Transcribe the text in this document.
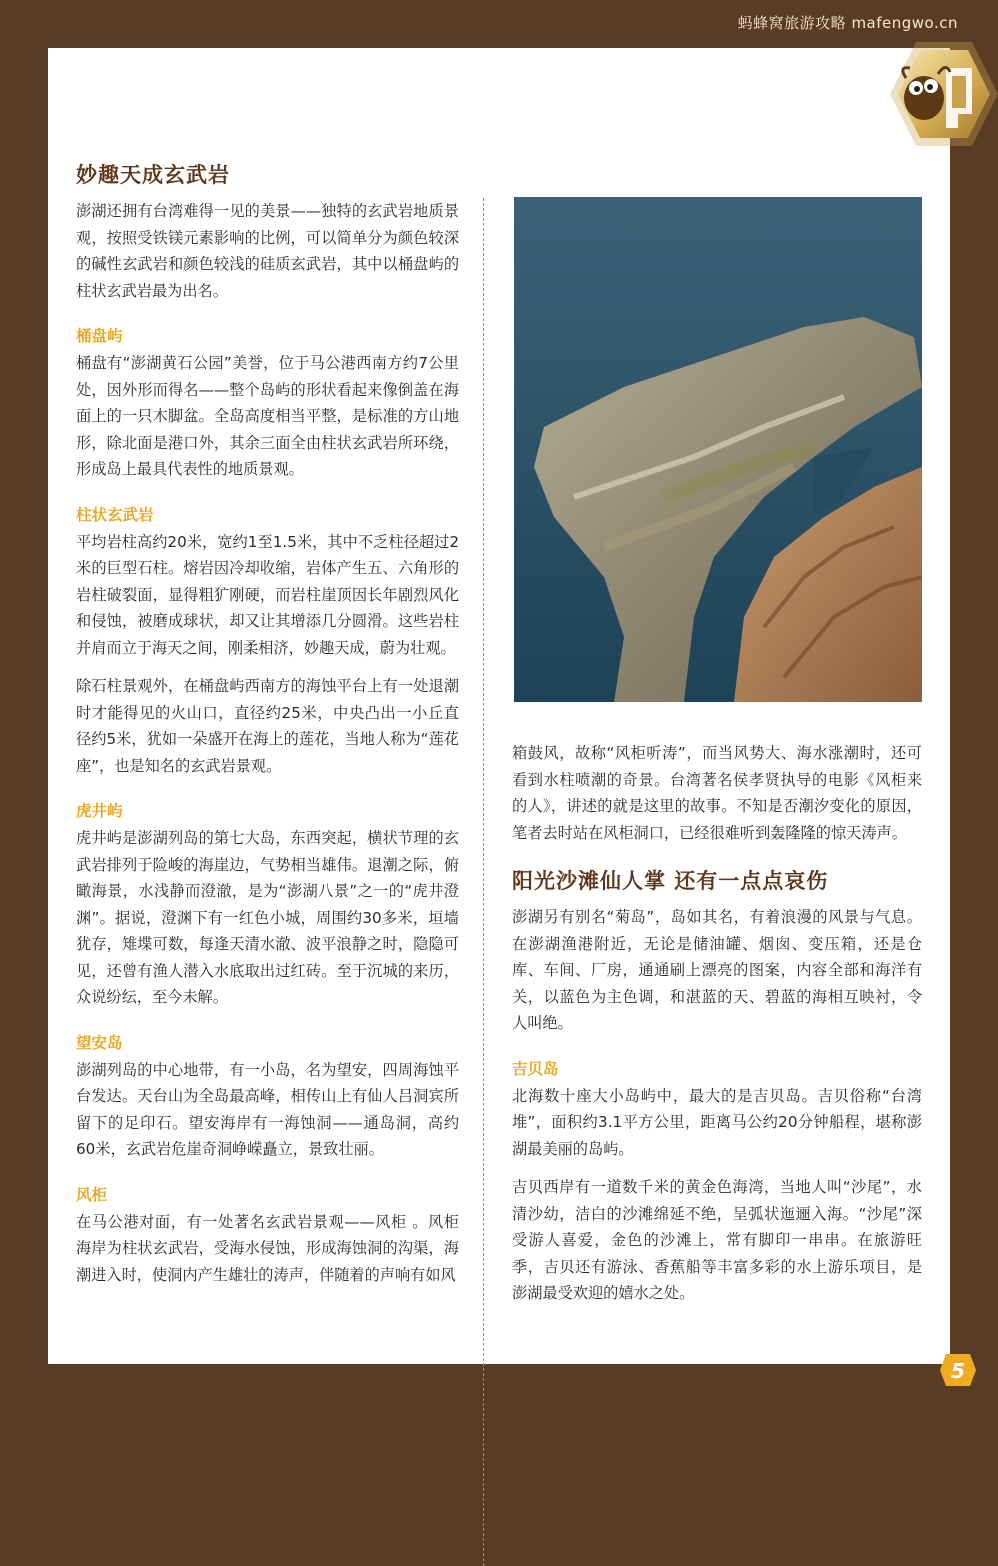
蚂蜂窝旅游攻略 mafengwo.cn
妙趣天成玄武岩

澎湖还拥有台湾难得一见的美景——独特的玄武岩地质景观，按照受铁镁元素影响的比例，可以简单分为颜色较深的碱性玄武岩和颜色较浅的硅质玄武岩，其中以桶盘屿的柱状玄武岩最为出名。

桶盘屿

桶盘有“澎湖黄石公园”美誉，位于马公港西南方约7公里处，因外形而得名——整个岛屿的形状看起来像倒盖在海面上的一只木脚盆。全岛高度相当平整，是标准的方山地形，除北面是港口外，其余三面全由柱状玄武岩所环绕，形成岛上最具代表性的地质景观。

柱状玄武岩

平均岩柱高约20米，宽约1至1.5米，其中不乏柱径超过2米的巨型石柱。熔岩因冷却收缩，岩体产生五、六角形的岩柱破裂面，显得粗犷刚硬，而岩柱崖顶因长年剧烈风化和侵蚀，被磨成球状，却又让其增添几分圆滑。这些岩柱并肩而立于海天之间，刚柔相济，妙趣天成，蔚为壮观。

除石柱景观外，在桶盘屿西南方的海蚀平台上有一处退潮时才能得见的火山口，直径约25米，中央凸出一小丘直径约5米，犹如一朵盛开在海上的莲花，当地人称为“莲花座”，也是知名的玄武岩景观。

虎井屿

虎井屿是澎湖列岛的第七大岛，东西突起，横状节理的玄武岩排列于险峻的海崖边，气势相当雄伟。退潮之际，俯瞰海景，水浅静而澄澈，是为“澎湖八景”之一的“虎井澄渊”。据说，澄渊下有一红色小城，周围约30多米，垣墙犹存，雉堞可数，每逢天清水澈、波平浪静之时，隐隐可见，还曾有渔人潜入水底取出过红砖。至于沉城的来历，众说纷纭，至今未解。

望安岛

澎湖列岛的中心地带，有一小岛，名为望安，四周海蚀平台发达。天台山为全岛最高峰，相传山上有仙人吕洞宾所留下的足印石。望安海岸有一海蚀洞——通岛洞，高约60米，玄武岩危崖奇洞峥嵘矗立，景致壮丽。

风柜

在马公港对面，有一处著名玄武岩景观——风柜 。风柜海岸为柱状玄武岩，受海水侵蚀，形成海蚀洞的沟渠，海潮进入时，使洞内产生雄壮的涛声，伴随着的声响有如风

箱鼓风，故称“风柜听涛”，而当风势大、海水涨潮时，还可看到水柱喷潮的奇景。台湾著名侯孝贤执导的电影《风柜来的人》，讲述的就是这里的故事。不知是否潮汐变化的原因，笔者去时站在风柜洞口，已经很难听到轰隆隆的惊天涛声。

阳光沙滩仙人掌 还有一点点哀伤

澎湖另有别名“菊岛”，岛如其名，有着浪漫的风景与气息。在澎湖渔港附近，无论是储油罐、烟囱、变压箱，还是仓库、车间、厂房，通通刷上漂亮的图案，内容全部和海洋有关，以蓝色为主色调，和湛蓝的天、碧蓝的海相互映衬，令人叫绝。

吉贝岛

北海数十座大小岛屿中，最大的是吉贝岛。吉贝俗称“台湾堆”，面积约3.1平方公里，距离马公约20分钟船程，堪称澎湖最美丽的岛屿。

吉贝西岸有一道数千米的黄金色海湾，当地人叫“沙尾”，水清沙幼，洁白的沙滩绵延不绝，呈弧状迤逦入海。“沙尾”深受游人喜爱，金色的沙滩上，常有脚印一串串。在旅游旺季，吉贝还有游泳、香蕉船等丰富多彩的水上游乐项目，是澎湖最受欢迎的嬉水之处。

5
